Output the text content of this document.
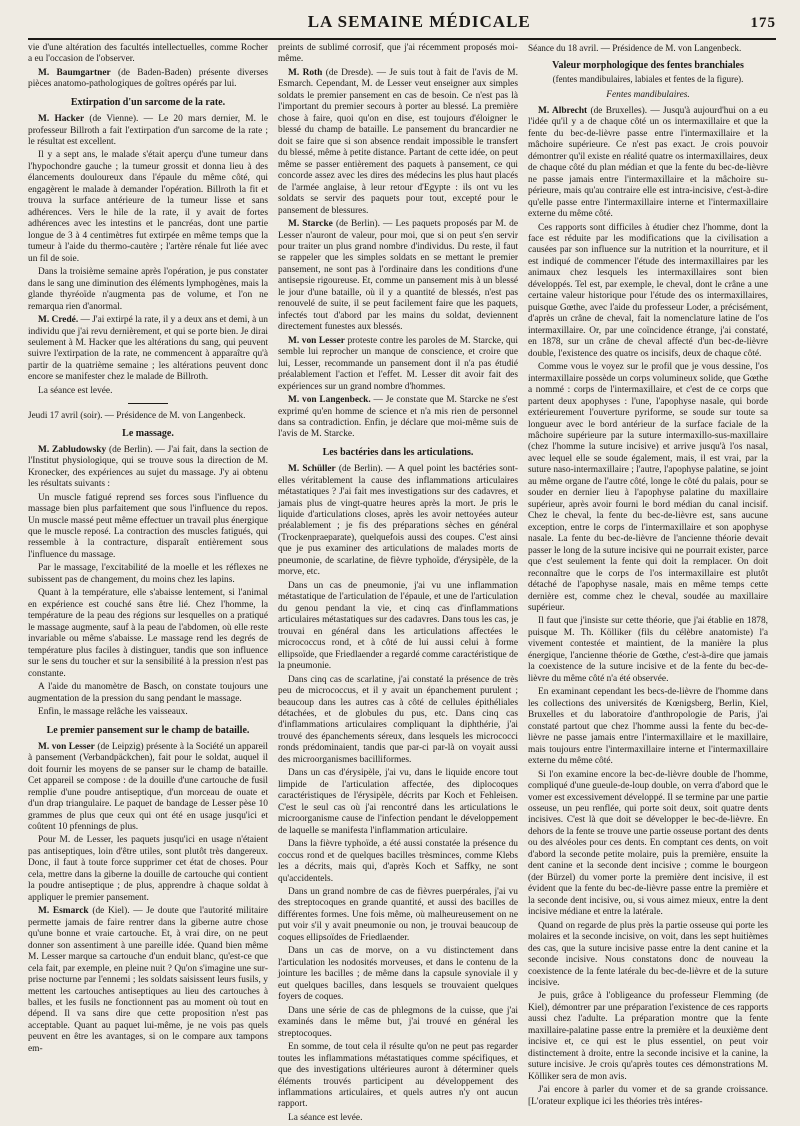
LA SEMAINE MÉDICALE	175

vie d'une altération des facultés intellectuelles, comme Rocher a eu l'occasion de l'observer.

M. Baumgartner (de Baden-Baden) présente diverses pièces anatomo-pathologiques de goîtres opérés par lui.

Extirpation d'un sarcome de la rate.

M. Hacker (de Vienne). — Le 20 mars dernier, M. le professeur Billroth a fait l'extirpation d'un sarcome de la rate ; le résultat est excellent.

Il y a sept ans, le malade s'était aperçu d'une tumeur dans l'hypochondre gauche ; la tumeur grossit et donna lieu à des élancements douloureux dans l'épaule du même côté, qui engagèrent le malade à demander l'opération. Billroth la fit et trouva la surface antérieure de la tumeur lisse et sans adhérences. Vers le hile de la rate, il y avait de fortes adhérences avec les intestins et le pancréas, dont une partie longue de 3 à 4 centimètres fut extirpée en même temps que la tumeur à l'aide du thermo-cautère ; l'artère rénale fut liée avec un fil de soie.

Dans la troisième semaine après l'opération, je pus constater dans le sang une diminution des éléments lymphogènes, mais la glande thyréoïde n'augmenta pas de volume, et l'on ne remarqua rien d'anormal.

M. Credé. — J'ai extirpé la rate, il y a deux ans et demi, à un individu que j'ai revu dernièrement, et qui se porte bien. Je dirai seulement à M. Hacker que les altérations du sang, qui peuvent suivre l'extirpation de la rate, ne commencent à apparaître qu'à partir de la quatrième semaine ; les altérations peuvent donc encore se manifester chez le malade de Billroth.

La séance est levée.

Jeudi 17 avril (soir). — Présidence de M. von Langenbeck.

Le massage.

M. Zabludowsky (de Berlin). — J'ai fait, dans la section de l'Institut physiologique, qui se trouve sous la direction de M. Kronecker, des expériences au sujet du massage. J'y ai obtenu les résultats suivants :

Un muscle fatigué reprend ses forces sous l'influence du massage bien plus parfaitement que sous l'influence du repos. Un muscle massé peut même effectuer un travail plus énergique que le muscle reposé. La contraction des muscles fatigués, qui ressemble à la contracture, disparaît entièrement sous l'influence du massage.

Par le massage, l'excitabilité de la moelle et les réflexes ne subissent pas de changement, du moins chez les lapins.

Quant à la température, elle s'abaisse lentement, si l'animal en expérience est couché sans être lié. Chez l'homme, la température de la peau des régions sur lesquelles on a pratiqué le massage augmente, sauf à la peau de l'abdomen, où elle reste invariable ou même s'abaisse. Le massage rend les degrés de température plus faciles à distinguer, tandis que son influence sur le sens du toucher et sur la sensibilité à la pression n'est pas constante.

A l'aide du manomètre de Basch, on constate toujours une augmentation de la pression du sang pendant le massage.

Enfin, le massage relâche les vaisseaux.

Le premier pansement sur le champ de bataille.

M. von Lesser (de Leipzig) présente à la Société un appareil à pansement (Verbandpäckchen), fait pour le soldat, auquel il doit fournir les moyens de se panser sur le champ de bataille. Cet appareil se compose : de la douille d'une cartouche de fusil remplie d'une poudre antiseptique, d'un morceau de ouate et d'un drap triangulaire. Le paquet de bandage de Lesser pèse 10 grammes de plus que ceux qui ont été en usage jusqu'ici et coûtent 10 pfennings de plus.

Pour M. de Lesser, les paquets jusqu'ici en usage n'étaient pas antiseptiques, loin d'être utiles, sont plutôt très dangereux. Donc, il faut à toute force supprimer cet état de choses. Pour cela, mettre dans la giberne la douille de cartouche qui contient la poudre antiseptique ; de plus, apprendre à chaque soldat à appliquer le premier pansement.

M. Esmarck (de Kiel). — Je doute que l'autorité militaire permette jamais de faire rentrer dans la giberne autre chose qu'une bonne et vraie cartouche. Et, à vrai dire, on ne peut donner son assentiment à une pareille idée. Quand bien même M. Lesser marque sa cartouche d'un enduit blanc, qu'est-ce que cela fait, par exemple, en pleine nuit ? Qu'on s'imagine une surprise nocturne par l'ennemi ; les soldats saisissent leurs fusils, y mettent les cartouches antiseptiques au lieu des cartouches à balles, et les fusils ne fonctionnent pas au moment où tout en dépend. Il va sans dire que cette proposition n'est pas acceptable. Quant au paquet lui-même, je ne vois pas quels peuvent en être les avantages, si on le compare aux tampons em-

preints de sublimé corrosif, que j'ai récemment proposés moi-même.

M. Roth (de Dresde). — Je suis tout à fait de l'avis de M. Esmarch. Cependant, M. de Lesser veut enseigner aux simples soldats le premier pansement en cas de besoin. Ce n'est pas là l'important du premier secours à porter au blessé. La première chose à faire, quoi qu'on en dise, est toujours d'éloigner le blessé du champ de bataille. Le pansement du brancardier ne doit se faire que si son absence rendait impossible le transfert du blessé, même à petite distance. Partant de cette idée, on peut même se passer entièrement des paquets à pansement, ce qui concorde assez avec les dires des médecins les plus haut placés de l'armée anglaise, à leur retour d'Egypte : ils ont vu les soldats se servir des paquets pour tout, excepté pour le pansement de blessures.

M. Starcke (de Berlin). — Les paquets proposés par M. de Lesser n'auront de valeur, pour moi, que si on peut s'en servir pour traiter un plus grand nombre d'individus. Du reste, il faut se rappeler que les simples soldats en se mettant le premier pansement, ne sont pas à l'ordinaire dans les conditions d'une antisepsie rigoureuse. Et, comme un pansement mis à un blessé le jour d'une bataille, où il y a quantité de blessés, n'est pas renouvelé de suite, il se peut facilement faire que les paquets, infectés tout d'abord par les mains du soldat, deviennent directement funestes aux blessés.

M. von Lesser proteste contre les paroles de M. Starcke, qui semble lui reprocher un manque de conscience, et croire que lui, Lesser, recommande un pansement dont il n'a pas étudié préalablement l'action et l'effet. M. Lesser dit avoir fait des expériences sur un grand nombre d'hommes.

M. von Langenbeck. — Je constate que M. Starcke ne s'est exprimé qu'en homme de science et n'a mis rien de personnel dans sa contradiction. Enfin, je déclare que moi-même suis de l'avis de M. Starcke.

Les bactéries dans les articulations.

M. Schüller (de Berlin). — A quel point les bactéries sont-elles véritablement la cause des inflammations articulaires métastatiques ? J'ai fait mes investigations sur des cadavres, et jamais plus de vingt-quatre heures après la mort. Je pris le liquide d'articulations closes, après les avoir nettoyées auteur préalablement ; je fis des préparations sèches en général (Trockenpraeparate), quelquefois aussi des coupes. C'est ainsi que je pus examiner des articulations de malades morts de pneumonie, de scarlatine, de fièvre typhoïde, d'érysipèle, de la morve, etc.

Dans un cas de pneumonie, j'ai vu une inflammation métastatique de l'articulation de l'épaule, et une de l'articulation du genou pendant la vie, et cinq cas d'inflammations articulaires métastatiques sur des cadavres. Dans tous les cas, je trouvai en général dans les articulations affectées le micrococcus rond, et à côté de lui aussi celui à forme ellipsoïde, que Friedlaender a regardé comme caractéristique de la pneumonie.

Dans cinq cas de scarlatine, j'ai constaté la présence de très peu de micrococcus, et il y avait un épanchement purulent ; beaucoup dans les autres cas à côté de cellules épithéliales détachées, et de globules du pus, etc. Dans cinq cas d'inflammations articulaires compliquant la diphthérie, j'ai trouvé des épanchements séreux, dans lesquels les micrococci ronds prédominaient, tandis que par-ci par-là on voyait aussi des microorganismes bacilliformes.

Dans un cas d'érysipèle, j'ai vu, dans le liquide encore tout limpide de l'articulation affectée, des diplocoques caractéristiques de l'érysipèle, décrits par Koch et Fehleisen. C'est le seul cas où j'ai rencontré dans les articulations le microorganisme cause de l'infection pendant le développement de laquelle se manifesta l'inflammation articulaire.

Dans la fièvre typhoïde, a été aussi constatée la présence du coccus rond et de quelques bacilles trèsminces, comme Klebs les a décrits, mais qui, d'après Koch et Saffky, ne sont qu'accidentels.

Dans un grand nombre de cas de fièvres puerpérales, j'ai vu des streptocoques en grande quantité, et aussi des bacilles de différentes formes. Une fois même, où malheureusement on ne put voir s'il y avait pneumonie ou non, je trouvai beaucoup de coques ellipsoïdes de Friedlaender.

Dans un cas de morve, on a vu distinctement dans l'articulation les nodosités morveuses, et dans le contenu de la jointure les bacilles ; de même dans la capsule synoviale il y eut quelques bacilles, dans lesquels se trouvaient quelques foyers de coques.

Dans une série de cas de phlegmons de la cuisse, que j'ai examinés dans le même but, j'ai trouvé en général les streptocoques.

En somme, de tout cela il résulte qu'on ne peut pas regarder toutes les inflammations métastatiques comme spécifiques, et que des investigations ultérieures auront à déterminer quels éléments trouvés participent au développement des inflammations articulaires, et quels autres n'y ont aucun rapport.

La séance est levée.

Séance du 18 avril. — Présidence de M. von Langenbeck.

Valeur morphologique des fentes branchiales
(fentes mandibulaires, labiales et fentes de la figure).
Fentes mandibulaires.

M. Albrecht (de Bruxelles). — Jusqu'à aujourd'hui on a eu l'idée qu'il y a de chaque côté un os intermaxillaire et que la fente du bec-de-lièvre passe entre l'intermaxillaire et la mâchoire supérieure. Ce n'est pas exact. Je crois pouvoir démontrer qu'il existe en réalité quatre os intermaxillaires, deux de chaque côté du plan médian et que la fente du bec-de-lièvre ne passe jamais entre l'intermaxillaire et la mâchoire supérieure, mais qu'au contraire elle est intra-incisive, c'est-à-dire qu'elle passe entre l'intermaxillaire interne et l'intermaxillaire externe du même côté.

Ces rapports sont difficiles à étudier chez l'homme, dont la face est réduite par les modifications que la civilisation a causées par son influence sur la nutrition et la nourriture, et il est indiqué de commencer l'étude des intermaxillaires par les animaux chez lesquels les intermaxillaires sont bien développés. Tel est, par exemple, le cheval, dont le crâne a une certaine valeur historique pour l'étude des os intermaxillaires, puisque Gœthe, avec l'aide du professeur Loder, a précisément, d'après un crâne de cheval, fait la nomenclature latine de l'os intermaxillaire. Or, par une coïncidence étrange, j'ai constaté, en 1878, sur un crâne de cheval affecté d'un bec-de-lièvre double, l'existence des quatre os incisifs, deux de chaque côté.

Comme vous le voyez sur le profil que je vous dessine, l'os intermaxillaire possède un corps volumineux solide, que Gœthe a nommé : corps de l'intermaxillaire, et c'est de ce corps que partent deux apophyses : l'une, l'apophyse nasale, qui borde extérieurement l'ouverture pyriforme, se soude sur toute sa longueur avec le bord antérieur de la surface faciale de la mâchoire supérieure par la suture intermaxillo-sus-maxillaire (chez l'homme la suture incisive) et arrive jusqu'à l'os nasal, avec lequel elle se soude également, mais, il est vrai, par la suture naso-intermaxillaire ; l'autre, l'apophyse palatine, se joint au même organe de l'autre côté, longe le côté du palais, pour se souder en dernier lieu à l'apophyse palatine du maxillaire supérieur, après avoir fourni le bord médian du canal incisif. Chez le cheval, la fente du bec-de-lièvre est, sans aucune exception, entre le corps de l'intermaxillaire et son apophyse nasale. La fente du bec-de-lièvre de l'ancienne théorie devait passer le long de la suture incisive qui ne pourrait exister, parce que c'est seulement la fente qui doit la remplacer. On doit reconnaître que le corps de l'os intermaxillaire est plutôt détaché de l'apophyse nasale, mais en même temps cette dernière est, comme chez le cheval, soudée au maxillaire supérieur.

Il faut que j'insiste sur cette théorie, que j'ai établie en 1878, puisque M. Th. Kölliker (fils du célèbre anatomiste) l'a vivement contestée et maintient, de la manière la plus énergique, l'ancienne théorie de Gœthe, c'est-à-dire que jamais la coexistence de la suture incisive et de la fente du bec-de-lièvre du même côté n'a été observée.

En examinant cependant les becs-de-lièvre de l'homme dans les collections des universités de Kœnigsberg, Berlin, Kiel, Bruxelles et du laboratoire d'anthropologie de Paris, j'ai constaté partout que chez l'homme aussi la fente du bec-de-lièvre ne passe jamais entre l'intermaxillaire et le maxillaire, mais toujours entre l'intermaxillaire interne et l'intermaxillaire externe du même côté.

Si l'on examine encore la bec-de-lièvre double de l'homme, compliqué d'une gueule-de-loup double, on verra d'abord que le vomer est excessivement développé. Il se termine par une partie osseuse, un peu renflée, qui porte soit deux, soit quatre dents incisives. C'est là que doit se développer le bec-de-lièvre. En dehors de la fente se trouve une partie osseuse portant des dents ou des alvéoles pour ces dents. En comptant ces dents, on voit d'abord la seconde petite molaire, puis la première, ensuite la dent canine et la seconde dent incisive ; comme le bourgeon (der Bürzel) du vomer porte la première dent incisive, il est évident que la fente du bec-de-lièvre passe entre la première et la seconde dent incisive, ou, si vous aimez mieux, entre la dent incisive médiane et entre la latérale.

Quand on regarde de plus près la partie osseuse qui porte les molaires et la seconde incisive, on voit, dans les sept huitièmes des cas, que la suture incisive passe entre la dent canine et la seconde incisive. Nous constatons donc de nouveau la coexistence de la fente latérale du bec-de-lièvre et de la suture incisive.

Je puis, grâce à l'obligeance du professeur Flemming (de Kiel), démontrer par une préparation l'existence de ces rapports aussi chez l'adulte. La préparation montre que la fente maxillaire-palatine passe entre la première et la deuxième dent incisive et, ce qui est le plus essentiel, on peut voir distinctement à droite, entre la seconde incisive et la canine, la suture incisive. Je crois qu'après toutes ces démonstrations M. Kölliker sera de mon avis.

J'ai encore à parler du vomer et de sa grande croissance. [L'orateur explique ici les théories très intéres-
